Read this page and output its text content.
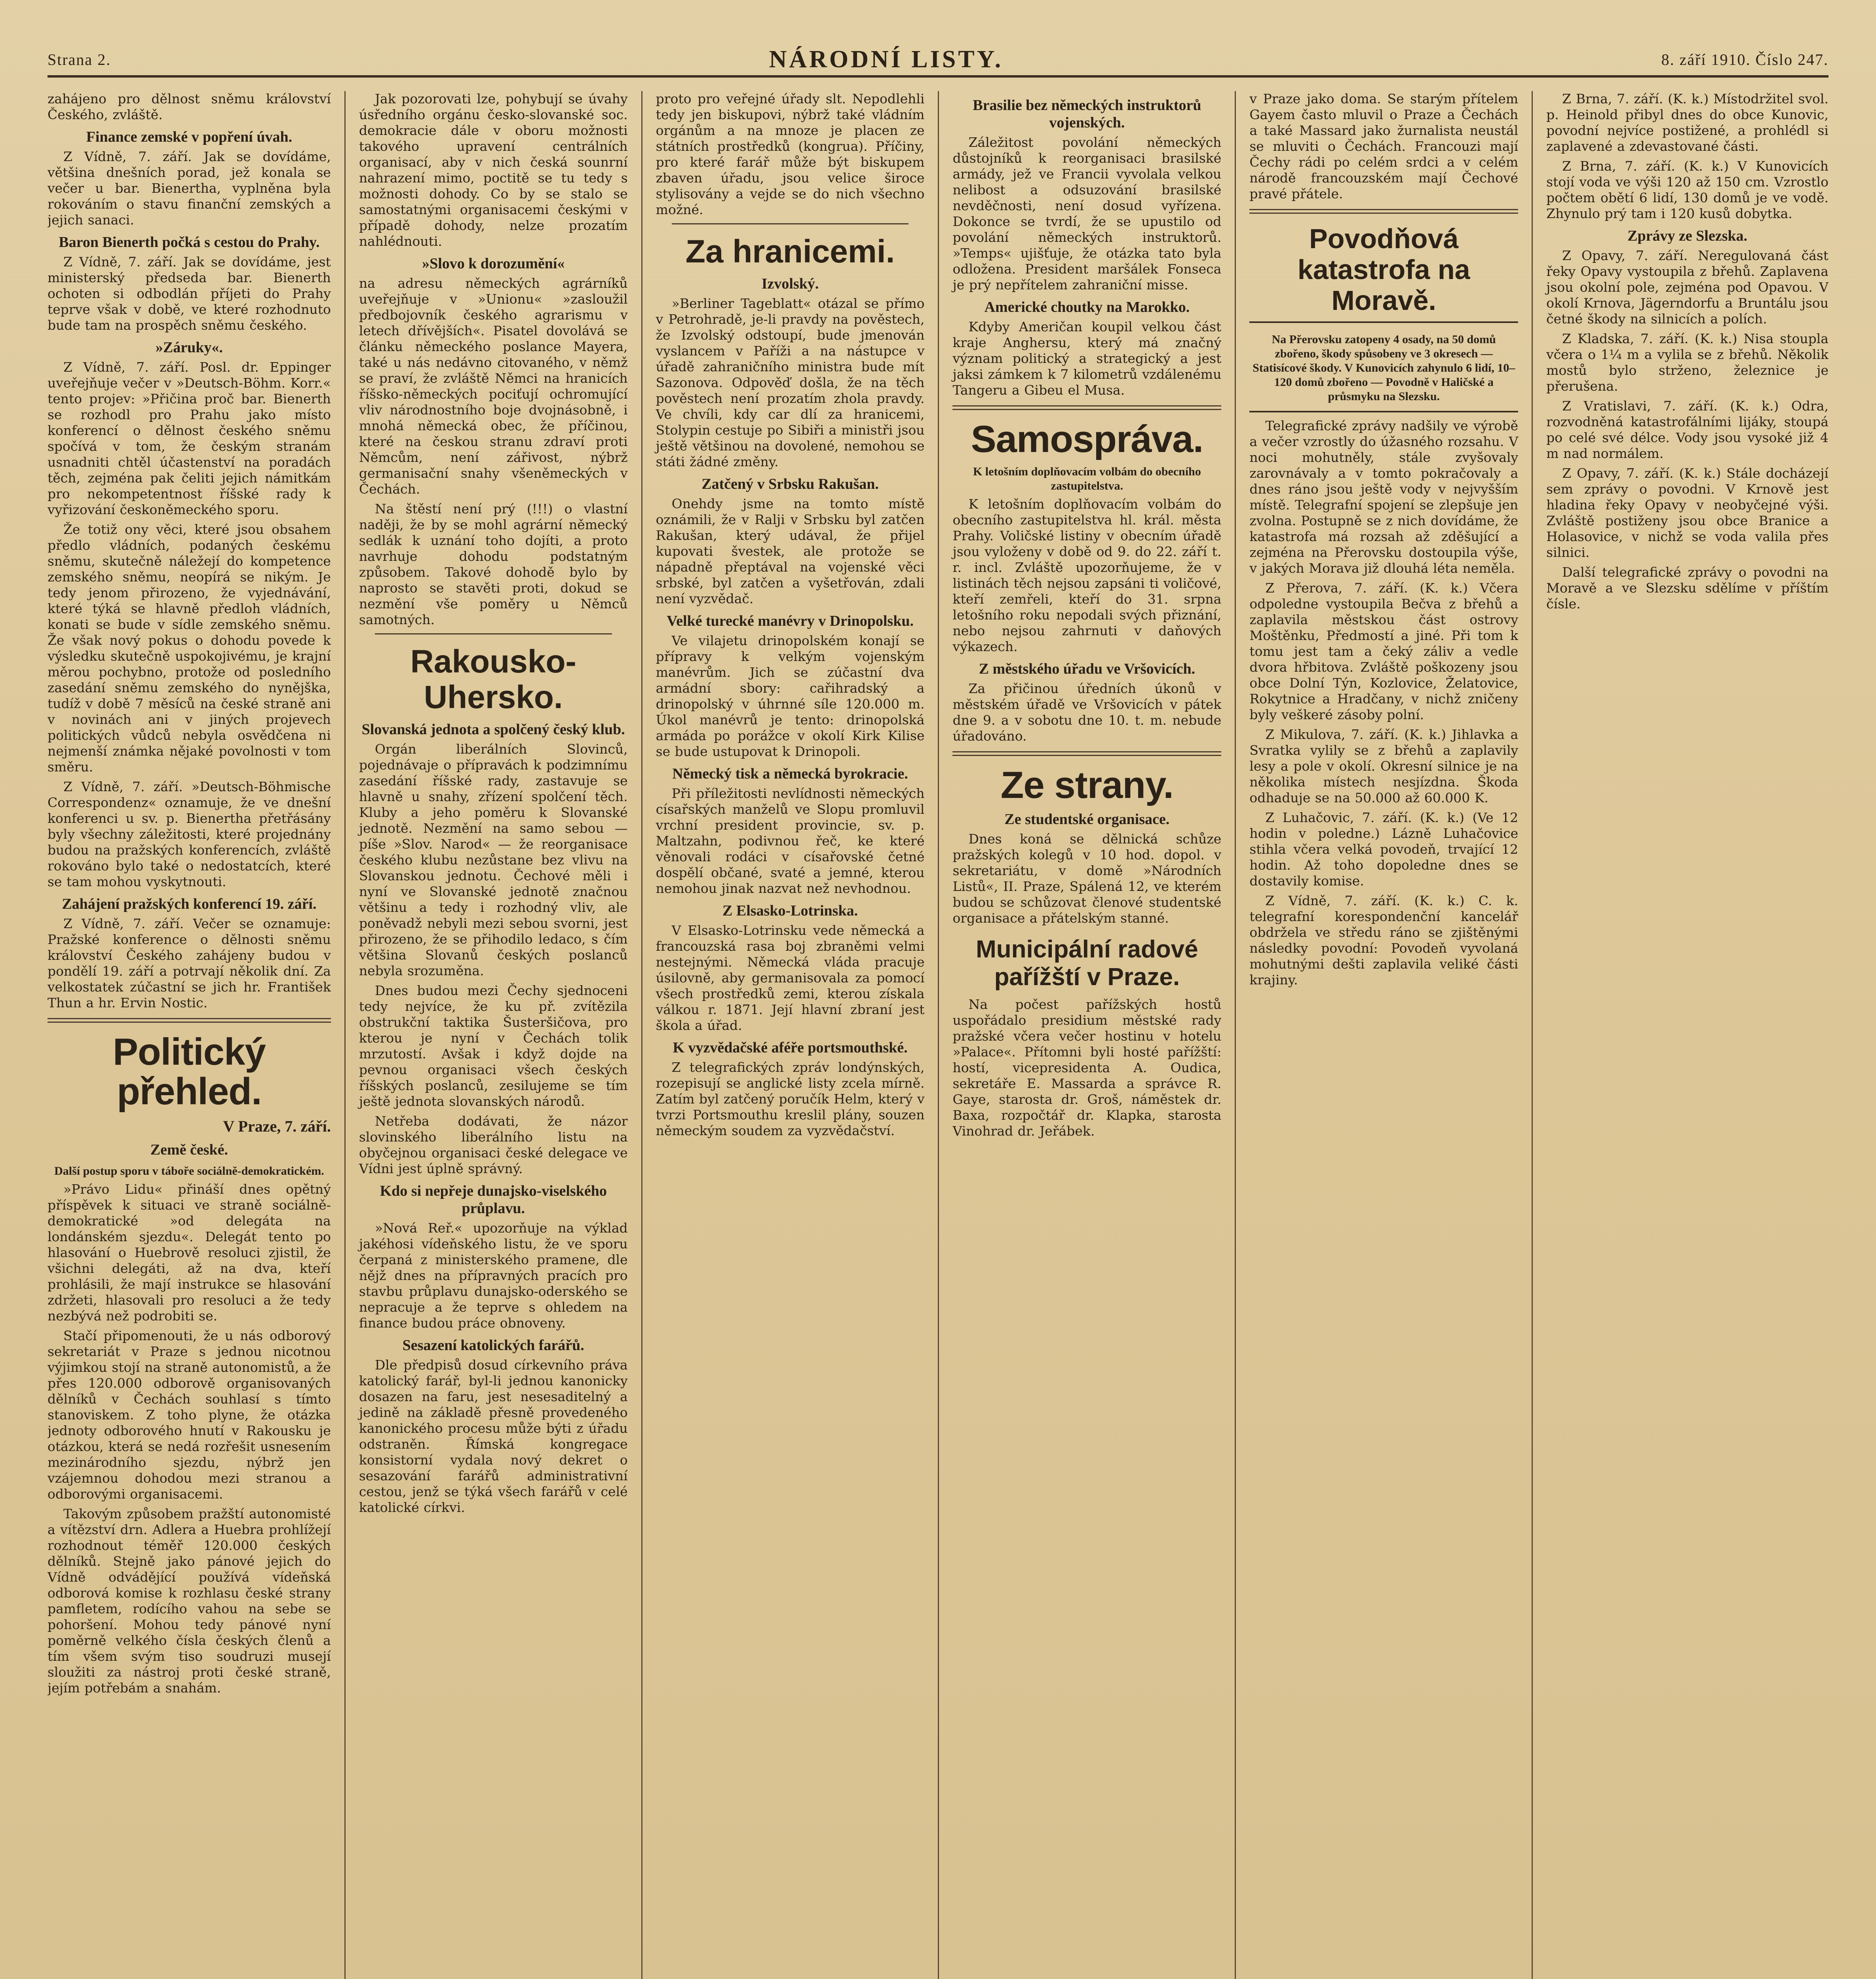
Strana 2.	NÁRODNÍ LISTY.	8. září 1910. Číslo 247.

zahájeno pro dělnost sněmu království Českého, zvláště.

Finance zemské v popření úvah.

Z Vídně, 7. září. Jak se dovídáme, většina dnešních porad, jež konala se večer u bar. Bienertha, vyplněna byla rokováním o stavu finanční zemských a jejich sanaci.

Baron Bienerth počká s cestou do Prahy.

Z Vídně, 7. září. Jak se dovídáme, jest ministerský předseda bar. Bienerth ochoten si odbodlán příjeti do Prahy teprve však v době, ve které rozhodnuto bude tam na prospěch sněmu českého.

»Záruky«.

Z Vídně, 7. září. Posl. dr. Eppinger uveřejňuje večer v »Deutsch-Böhm. Korr.« tento projev: »Přičina proč bar. Bienerth se rozhodl pro Prahu jako místo konferencí o dělnost českého sněmu spočívá v tom, že českým stranám usnadniti chtěl účastenství na poradách těch, zejména pak čeliti jejich námitkám pro nekompetentnost říšské rady k vyřizování českoněmeckého sporu.

Že totiž ony věci, které jsou obsahem předlo vládních, podaných českému sněmu, skutečně náležejí do kompetence zemského sněmu, neopírá se nikým. Je tedy jenom přirozeno, že vyjednávání, které týká se hlavně předloh vládních, konati se bude v sídle zemského sněmu. Že však nový pokus o dohodu povede k výsledku skutečně uspokojivému, je krajní měrou pochybno, protože od posledního zasedání sněmu zemského do nynějška, tudíž v době 7 měsíců na české straně ani v novinách ani v jiných projevech politických vůdců nebyla osvědčena ni nejmenší známka nějaké povolnosti v tom směru.

Z Vídně, 7. září. »Deutsch-Böhmische Correspondenz« oznamuje, že ve dnešní konferenci u sv. p. Bienertha přetřásány byly všechny záležitosti, které projednány budou na pražských konferencích, zvláště rokováno bylo také o nedostatcích, které se tam mohou vyskytnouti.

Zahájení pražských konferencí 19. září.

Z Vídně, 7. září. Večer se oznamuje: Pražské konference o dělnosti sněmu království Českého zahájeny budou v pondělí 19. září a potrvají několik dní. Za velkostatek zúčastní se jich hr. František Thun a hr. Ervin Nostic.

Politický přehled.
V Praze, 7. září.
Země české.
Další postup sporu v táboře sociálně-demokratickém.

»Právo Lidu« přináší dnes opětný příspěvek k situaci ve straně sociálně-demokratické »od delegáta na londánském sjezdu«. Delegát tento po hlasování o Huebrově resoluci zjistil, že všichni delegáti, až na dva, kteří prohlásili, že mají instrukce se hlasování zdržeti, hlasovali pro resoluci a že tedy nezbývá než podrobiti se.

Stačí připomenouti, že u nás odborový sekretariát v Praze s jednou nicotnou výjimkou stojí na straně autonomistů, a že přes 120.000 odborově organisovaných dělníků v Čechách souhlasí s tímto stanoviskem. Z toho plyne, že otázka jednoty odborového hnutí v Rakousku je otázkou, která se nedá rozřešit usnesením mezinárodního sjezdu, nýbrž jen vzájemnou dohodou mezi stranou a odborovými organisacemi.

Takovým způsobem pražští autonomisté a vítězství drn. Adlera a Huebra prohlížejí rozhodnout téměř 120.000 českých dělníků. Stejně jako pánové jejich do Vídně odvádějící používá vídeňská odborová komise k rozhlasu české strany pamfletem, rodícího vahou na sebe se pohoršení. Mohou tedy pánové nyní poměrně velkého čísla českých členů a tím všem svým tiso soudruzi musejí sloužiti za nástroj proti české straně, jejím potřebám a snahám.

Jak pozorovati lze, pohybují se úvahy úsředního orgánu česko-slovanské soc. demokracie dále v oboru možnosti takového upravení centrálních organisací, aby v nich česká sounrní nahrazení mimo, poctitě se tu tedy s možnosti dohody. Co by se stalo se samostatnými organisacemi českými v případě dohody, nelze prozatím nahlédnouti.

»Slovo k dorozumění«

na adresu německých agrárníků uveřejňuje v »Unionu« »zasloužil předbojovník českého agrarismu v letech dřívějších«. Pisatel dovolává se článku německého poslance Mayera, také u nás nedávno citovaného, v němž se praví, že zvláště Němci na hranicích říšsko-německých pociťují ochromující vliv národnostního boje dvojnásobně, i mnohá německá obec, že příčinou, které na českou stranu zdraví proti Němcům, není zářivost, nýbrž germanisační snahy všeněmeckých v Čechách.

Na štěstí není prý (!!!) o vlastní naději, že by se mohl agrární německý sedlák k uznání toho dojíti, a proto navrhuje dohodu podstatným způsobem. Takové dohodě bylo by naprosto se stavěti proti, dokud se nezmění vše poměry u Němců samotných.

Rakousko-Uhersko.
Slovanská jednota a spolčený český klub.

Orgán liberálních Slovinců, pojednávaje o přípravách k podzimnímu zasedání říšské rady, zastavuje se hlavně u snahy, zřízení spolčení těch. Kluby a jeho poměru k Slovanské jednotě. Nezmění na samo sebou — píše »Slov. Narod« — že reorganisace českého klubu nezůstane bez vlivu na Slovanskou jednotu. Čechové měli i nyní ve Slovanské jednotě značnou většinu a tedy i rozhodný vliv, ale poněvadž nebyli mezi sebou svorni, jest přirozeno, že se přihodilo ledaco, s čím většina Slovanů českých poslanců nebyla srozuměna.

Dnes budou mezi Čechy sjednoceni tedy nejvíce, že ku př. zvítězila obstrukční taktika Šusteršičova, pro kterou je nyní v Čechách tolik mrzutostí. Avšak i když dojde na pevnou organisaci všech českých říšských poslanců, zesilujeme se tím ještě jednota slovanských národů.

Netřeba dodávati, že názor slovinského liberálního listu na obyčejnou organisaci české delegace ve Vídni jest úplně správný.

Kdo si nepřeje dunajsko-viselského průplavu.

»Nová Reř.« upozorňuje na výklad jakéhosi vídeňského listu, že ve sporu čerpaná z ministerského pramene, dle nějž dnes na přípravných pracích pro stavbu průplavu dunajsko-oderského se nepracuje a že teprve s ohledem na finance budou práce obnoveny.

Sesazení katolických farářů.

Dle předpisů dosud církevního práva katolický farář, byl-li jednou kanonicky dosazen na faru, jest nesesaditelný a jedině na základě přesně provedeného kanonického procesu může býti z úřadu odstraněn. Římská kongregace konsistorní vydala nový dekret o sesazování farářů administrativní cestou, jenž se týká všech farářů v celé katolické církvi.

proto pro veřejné úřady slt. Nepodlehli tedy jen biskupovi, nýbrž také vládním orgánům a na mnoze je placen ze státních prostředků (kongrua). Příčiny, pro které farář může být biskupem zbaven úřadu, jsou velice široce stylisovány a vejde se do nich všechno možné.

Za hranicemi.
Izvolský.

»Berliner Tageblatt« otázal se přímo v Petrohradě, je-li pravdy na pověstech, že Izvolský odstoupí, bude jmenován vyslancem v Paříži a na nástupce v úřadě zahraničního ministra bude mít Sazonova. Odpověď došla, že na těch pověstech není prozatím zhola pravdy. Ve chvíli, kdy car dlí za hranicemi, Stolypin cestuje po Sibiři a ministři jsou ještě většinou na dovolené, nemohou se státi žádné změny.

Zatčený v Srbsku Rakušan.

Onehdy jsme na tomto místě oznámili, že v Ralji v Srbsku byl zatčen Rakušan, který udával, že přijel kupovati švestek, ale protože se nápadně přeptával na vojenské věci srbské, byl zatčen a vyšetřován, zdali není vyzvědač.

Velké turecké manévry v Drinopolsku.

Ve vilajetu drinopolském konají se přípravy k velkým vojenským manévrům. Jich se zúčastní dva armádní sbory: cařihradský a drinopolský v úhrnné síle 120.000 m. Úkol manévrů je tento: drinopolská armáda po porážce v okolí Kirk Kilise se bude ustupovat k Drinopoli.

Německý tisk a německá byrokracie.

Při příležitosti nevlídnosti německých císařských manželů ve Slopu promluvil vrchní president provincie, sv. p. Maltzahn, podivnou řeč, ke které věnovali rodáci v císařovské četné dospělí občané, svaté a jemné, kterou nemohou jinak nazvat než nevhodnou.

Z Elsasko-Lotrinska.

V Elsasko-Lotrinsku vede německá a francouzská rasa boj zbraněmi velmi nestejnými. Německá vláda pracuje úsilovně, aby germanisovala za pomocí všech prostředků zemi, kterou získala válkou r. 1871. Její hlavní zbraní jest škola a úřad.

K vyzvědačské aféře portsmouthské.

Z telegrafických zpráv londýnských, rozepisují se anglické listy zcela mírně. Zatím byl zatčený poručík Helm, který v tvrzi Portsmouthu kreslil plány, souzen německým soudem za vyzvědačství.

Brasilie bez německých instruktorů vojenských.

Záležitost povolání německých důstojníků k reorganisaci brasilské armády, jež ve Francii vyvolala velkou nelibost a odsuzování brasilské nevděčnosti, není dosud vyřízena. Dokonce se tvrdí, že se upustilo od povolání německých instruktorů. »Temps« ujišťuje, že otázka tato byla odložena. President maršálek Fonseca je prý nepřítelem zahraniční misse.

Americké choutky na Marokko.

Kdyby Američan koupil velkou část kraje Anghersu, který má značný význam politický a strategický a jest jaksi zámkem k 7 kilometrů vzdálenému Tangeru a Gibeu el Musa.

Samospráva.
K letošním doplňovacím volbám do obecního zastupitelstva.

K letošním doplňovacím volbám do obecního zastupitelstva hl. král. města Prahy. Voličské listiny v obecním úřadě jsou vyloženy v době od 9. do 22. září t. r. incl. Zvláště upozorňujeme, že v listinách těch nejsou zapsáni ti voličové, kteří zemřeli, kteří do 31. srpna letošního roku nepodali svých přiznání, nebo nejsou zahrnuti v daňových výkazech.

Z městského úřadu ve Vršovicích.

Za přičinou úředních úkonů v městském úřadě ve Vršovicích v pátek dne 9. a v sobotu dne 10. t. m. nebude úřadováno.

Ze strany.
Ze studentské organisace.

Dnes koná se dělnická schůze pražských kolegů v 10 hod. dopol. v sekretariátu, v domě »Národních Listů«, II. Praze, Spálená 12, ve kterém budou se schůzovat členové studentské organisace a přátelským stanné.

Municipální radové pařížští v Praze.

Na počest pařížských hostů uspořádalo presidium městské rady pražské včera večer hostinu v hotelu »Palace«. Přítomni byli hosté pařížští: hostí, vicepresidenta A. Oudica, sekretáře E. Massarda a správce R. Gaye, starosta dr. Groš, náměstek dr. Baxa, rozpočtář dr. Klapka, starosta Vinohrad dr. Jeřábek.

v Praze jako doma. Se starým přítelem Gayem často mluvil o Praze a Čechách a také Massard jako žurnalista neustál se mluviti o Čechách. Francouzi mají Čechy rádi po celém srdci a v celém národě francouzském mají Čechové pravé přátele.

Povodňová katastrofa na Moravě.
Na Přerovsku zatopeny 4 osady, na 50 domů zbořeno, škody spůsobeny ve 3 okresech — Statisícové škody. V Kunovicích zahynulo 6 lidí, 10–120 domů zbořeno — Povodně v Haličské a průsmyku na Slezsku.

Telegrafické zprávy nadšily ve výrobě a večer vzrostly do úžasného rozsahu. V noci mohutněly, stále zvyšovaly zarovnávaly a v tomto pokračovaly a dnes ráno jsou ještě vody v nejvyšším místě. Telegrafní spojení se zlepšuje jen zvolna. Postupně se z nich dovídáme, že katastrofa má rozsah až zděšující a zejména na Přerovsku dostoupila výše, v jakých Morava již dlouhá léta neměla.

Z Přerova, 7. září. (K. k.) Včera odpoledne vystoupila Bečva z břehů a zaplavila městskou část ostrovy Moštěnku, Předmostí a jiné. Při tom k tomu jest tam a čeký záliv a vedle dvora hřbitova. Zvláště poškozeny jsou obce Dolní Týn, Kozlovice, Želatovice, Rokytnice a Hradčany, v nichž zničeny byly veškeré zásoby polní.

Z Mikulova, 7. září. (K. k.) Jihlavka a Svratka vylily se z břehů a zaplavily lesy a pole v okolí. Okresní silnice je na několika místech nesjízdna. Škoda odhaduje se na 50.000 až 60.000 K.

Z Luhačovic, 7. září. (K. k.) (Ve 12 hodin v poledne.) Lázně Luhačovice stihla včera velká povodeň, trvající 12 hodin. Až toho dopoledne dnes se dostavily komise.

Z Vídně, 7. září. (K. k.) C. k. telegrafní korespondenční kancelář obdržela ve středu ráno se zjištěnými následky povodní: Povodeň vyvolaná mohutnými dešti zaplavila veliké části krajiny.

Z Brna, 7. září. (K. k.) Místodržitel svol. p. Heinold přibyl dnes do obce Kunovic, povodní nejvíce postižené, a prohlédl si zaplavené a zdevastované části.

Z Brna, 7. září. (K. k.) V Kunovicích stojí voda ve výši 120 až 150 cm. Vzrostlo počtem obětí 6 lidí, 130 domů je ve vodě. Zhynulo prý tam i 120 kusů dobytka.

Zprávy ze Slezska.

Z Opavy, 7. září. Neregulovaná část řeky Opavy vystoupila z břehů. Zaplavena jsou okolní pole, zejména pod Opavou. V okolí Krnova, Jägerndorfu a Bruntálu jsou četné škody na silnicích a polích.

Z Kladska, 7. září. (K. k.) Nisa stoupla včera o 1¼ m a vylila se z břehů. Několik mostů bylo strženo, železnice je přerušena.

Z Vratislavi, 7. září. (K. k.) Odra, rozvodněná katastrofálními lijáky, stoupá po celé své délce. Vody jsou vysoké již 4 m nad normálem.

Z Opavy, 7. září. (K. k.) Stále docházejí sem zprávy o povodni. V Krnově jest hladina řeky Opavy v neobyčejné výši. Zvláště postiženy jsou obce Branice a Holasovice, v nichž se voda valila přes silnici.

Další telegrafické zprávy o povodni na Moravě a ve Slezsku sdělíme v příštím čísle.
